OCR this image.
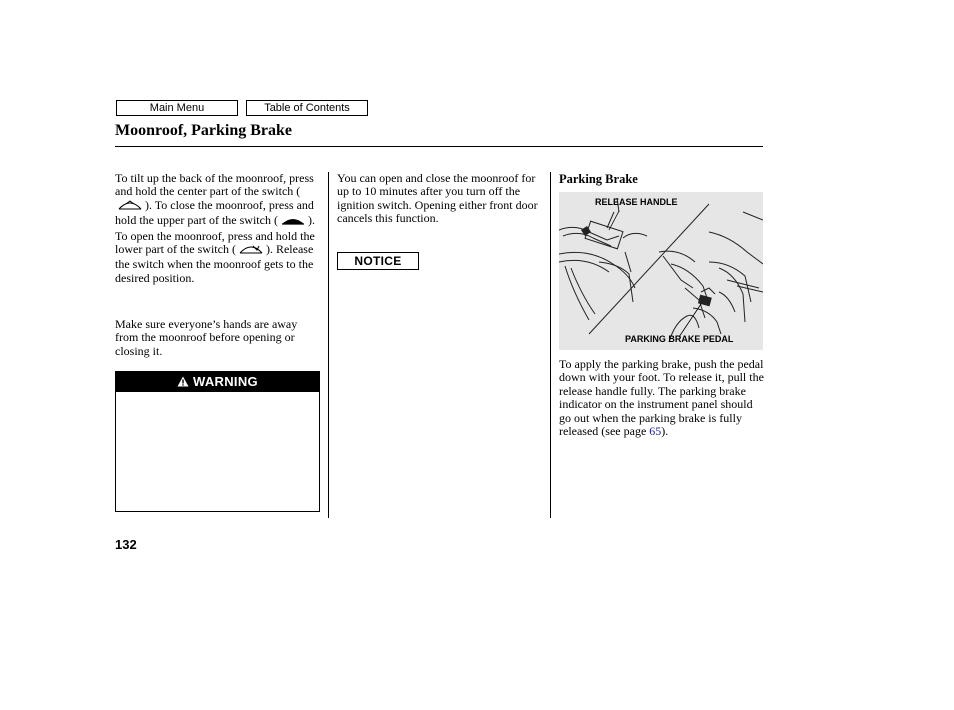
Main Menu	Table of Contents
Moonroof, Parking Brake

To tilt up the back of the moonroof, press and hold the center part of the switch (). To close the moonroof, press and hold the upper part of the switch (	). To open the moonroof, press and hold the lower part of the switch (	). Release the switch when the moonroof gets to the desired position.

Make sure everyone’s hands are away from the moonroof before opening or closing it.

WARNING

You can open and close the moonroof for up to 10 minutes after you turn off the ignition switch. Opening either front door cancels this function.

NOTICE
Parking Brake
RELEASE HANDLE
PARKING BRAKE PEDAL

To apply the parking brake, push the pedal down with your foot. To release it, pull the release handle fully. The parking brake indicator on the instrument panel should go out when the parking brake is fully released (see page 65).

132
